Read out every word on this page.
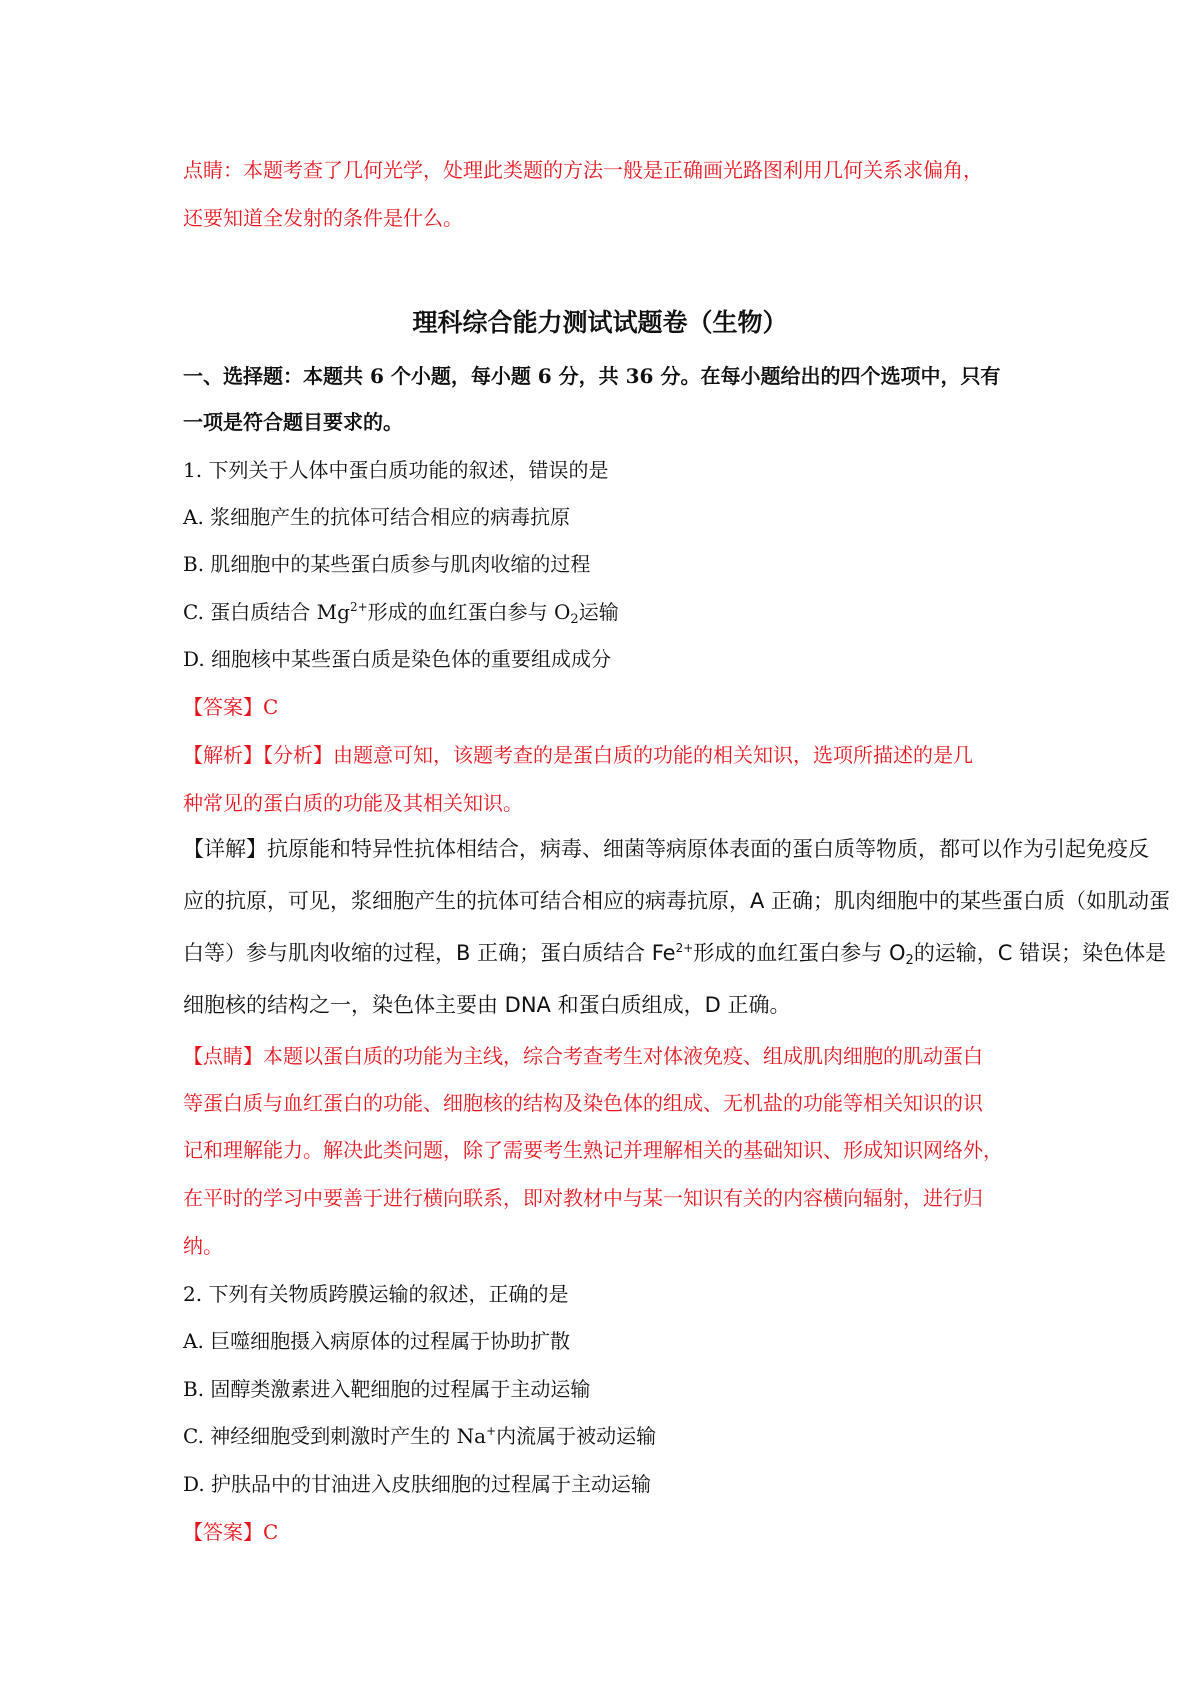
点睛：本题考查了几何光学，处理此类题的方法一般是正确画光路图利用几何关系求偏角，
还要知道全发射的条件是什么。
理科综合能力测试试题卷（生物）
一、选择题：本题共 6 个小题，每小题 6 分，共 36 分。在每小题给出的四个选项中，只有
一项是符合题目要求的。
1. 下列关于人体中蛋白质功能的叙述，错误的是
A. 浆细胞产生的抗体可结合相应的病毒抗原
B. 肌细胞中的某些蛋白质参与肌肉收缩的过程
C. 蛋白质结合 $Mg^{2+}$形成的血红蛋白参与 $O_2$运输
D. 细胞核中某些蛋白质是染色体的重要组成成分
【答案】C
【解析】【分析】由题意可知，该题考查的是蛋白质的功能的相关知识，选项所描述的是几
种常见的蛋白质的功能及其相关知识。
【详解】抗原能和特异性抗体相结合，病毒、细菌等病原体表面的蛋白质等物质，都可以作为引起免疫反
应的抗原，可见，浆细胞产生的抗体可结合相应的病毒抗原，A 正确；肌肉细胞中的某些蛋白质（如肌动蛋
白等）参与肌肉收缩的过程，B 正确；蛋白质结合 $Fe^{2+}$形成的血红蛋白参与 $O_2$的运输，C 错误；染色体是
细胞核的结构之一，染色体主要由 DNA 和蛋白质组成，D 正确。
【点睛】本题以蛋白质的功能为主线，综合考查考生对体液免疫、组成肌肉细胞的肌动蛋白
等蛋白质与血红蛋白的功能、细胞核的结构及染色体的组成、无机盐的功能等相关知识的识
记和理解能力。解决此类问题，除了需要考生熟记并理解相关的基础知识、形成知识网络外，
在平时的学习中要善于进行横向联系，即对教材中与某一知识有关的内容横向辐射，进行归
纳。
2. 下列有关物质跨膜运输的叙述，正确的是
A. 巨噬细胞摄入病原体的过程属于协助扩散
B. 固醇类激素进入靶细胞的过程属于主动运输
C. 神经细胞受到刺激时产生的 Na+内流属于被动运输
D. 护肤品中的甘油进入皮肤细胞的过程属于主动运输
【答案】C
